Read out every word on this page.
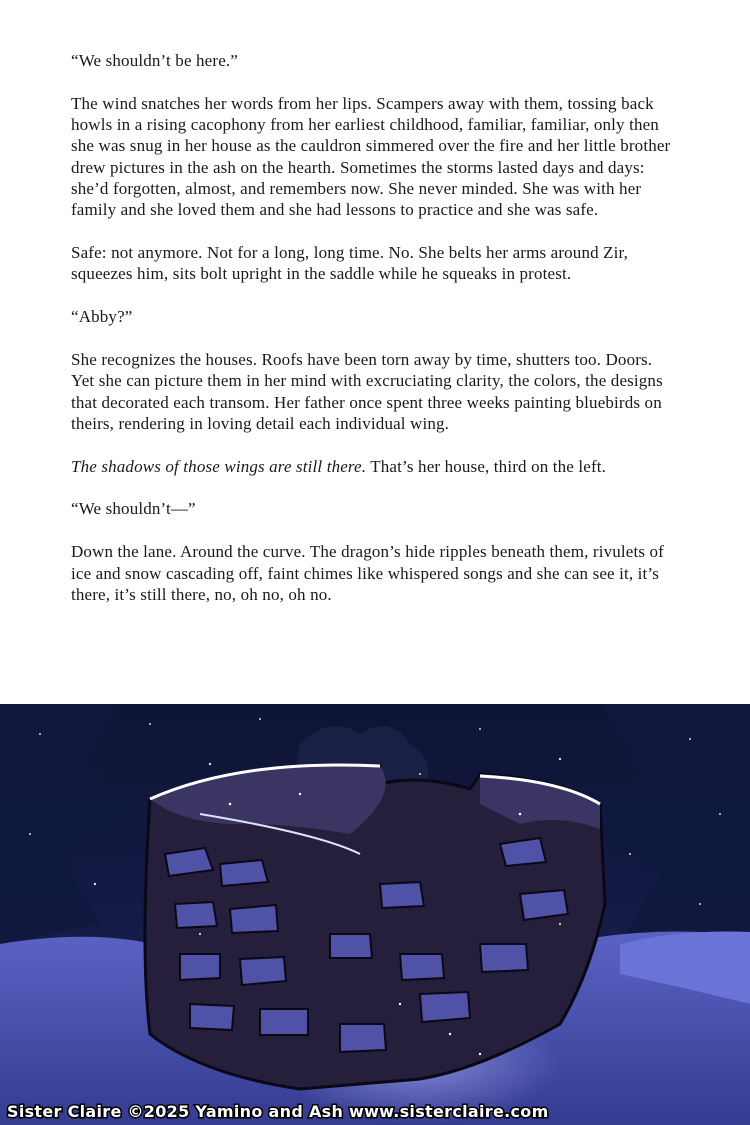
“We shouldn’t be here.”

The wind snatches her words from her lips. Scampers away with them, tossing back howls in a rising cacophony from her earliest childhood, familiar, familiar, only then she was snug in her house as the cauldron simmered over the fire and her little brother drew pictures in the ash on the hearth. Sometimes the storms lasted days and days: she’d forgotten, almost, and remembers now. She never minded. She was with her family and she loved them and she had lessons to practice and she was safe.

Safe: not anymore. Not for a long, long time. No. She belts her arms around Zir, squeezes him, sits bolt upright in the saddle while he squeaks in protest.

“Abby?”

She recognizes the houses. Roofs have been torn away by time, shutters too. Doors. Yet she can picture them in her mind with excruciating clarity, the colors, the designs that decorated each transom. Her father once spent three weeks painting bluebirds on theirs, rendering in loving detail each individual wing.

The shadows of those wings are still there. That’s her house, third on the left.

“We shouldn’t—”

Down the lane. Around the curve. The dragon’s hide ripples beneath them, rivulets of ice and snow cascading off, faint chimes like whispered songs and she can see it, it’s there, it’s still there, no, oh no, oh no.

Sister Claire ©2025 Yamino and Ash www.sisterclaire.com
